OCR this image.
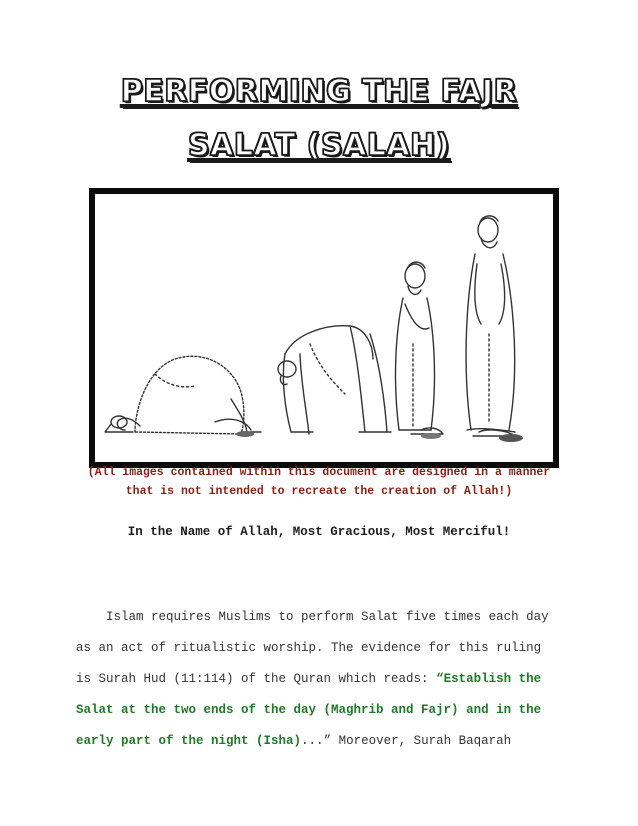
PERFORMING THE FAJR
SALAT (SALAH)
(All images contained within this document are designed in a manner
that is not intended to recreate the creation of Allah!)
In the Name of Allah, Most Gracious, Most Merciful!
Islam requires Muslims to perform Salat five times each day
as an act of ritualistic worship. The evidence for this ruling
is Surah Hud (11:114) of the Quran which reads: “Establish the
Salat at the two ends of the day (Maghrib and Fajr) and in the
early part of the night (Isha)...” Moreover, Surah Baqarah
